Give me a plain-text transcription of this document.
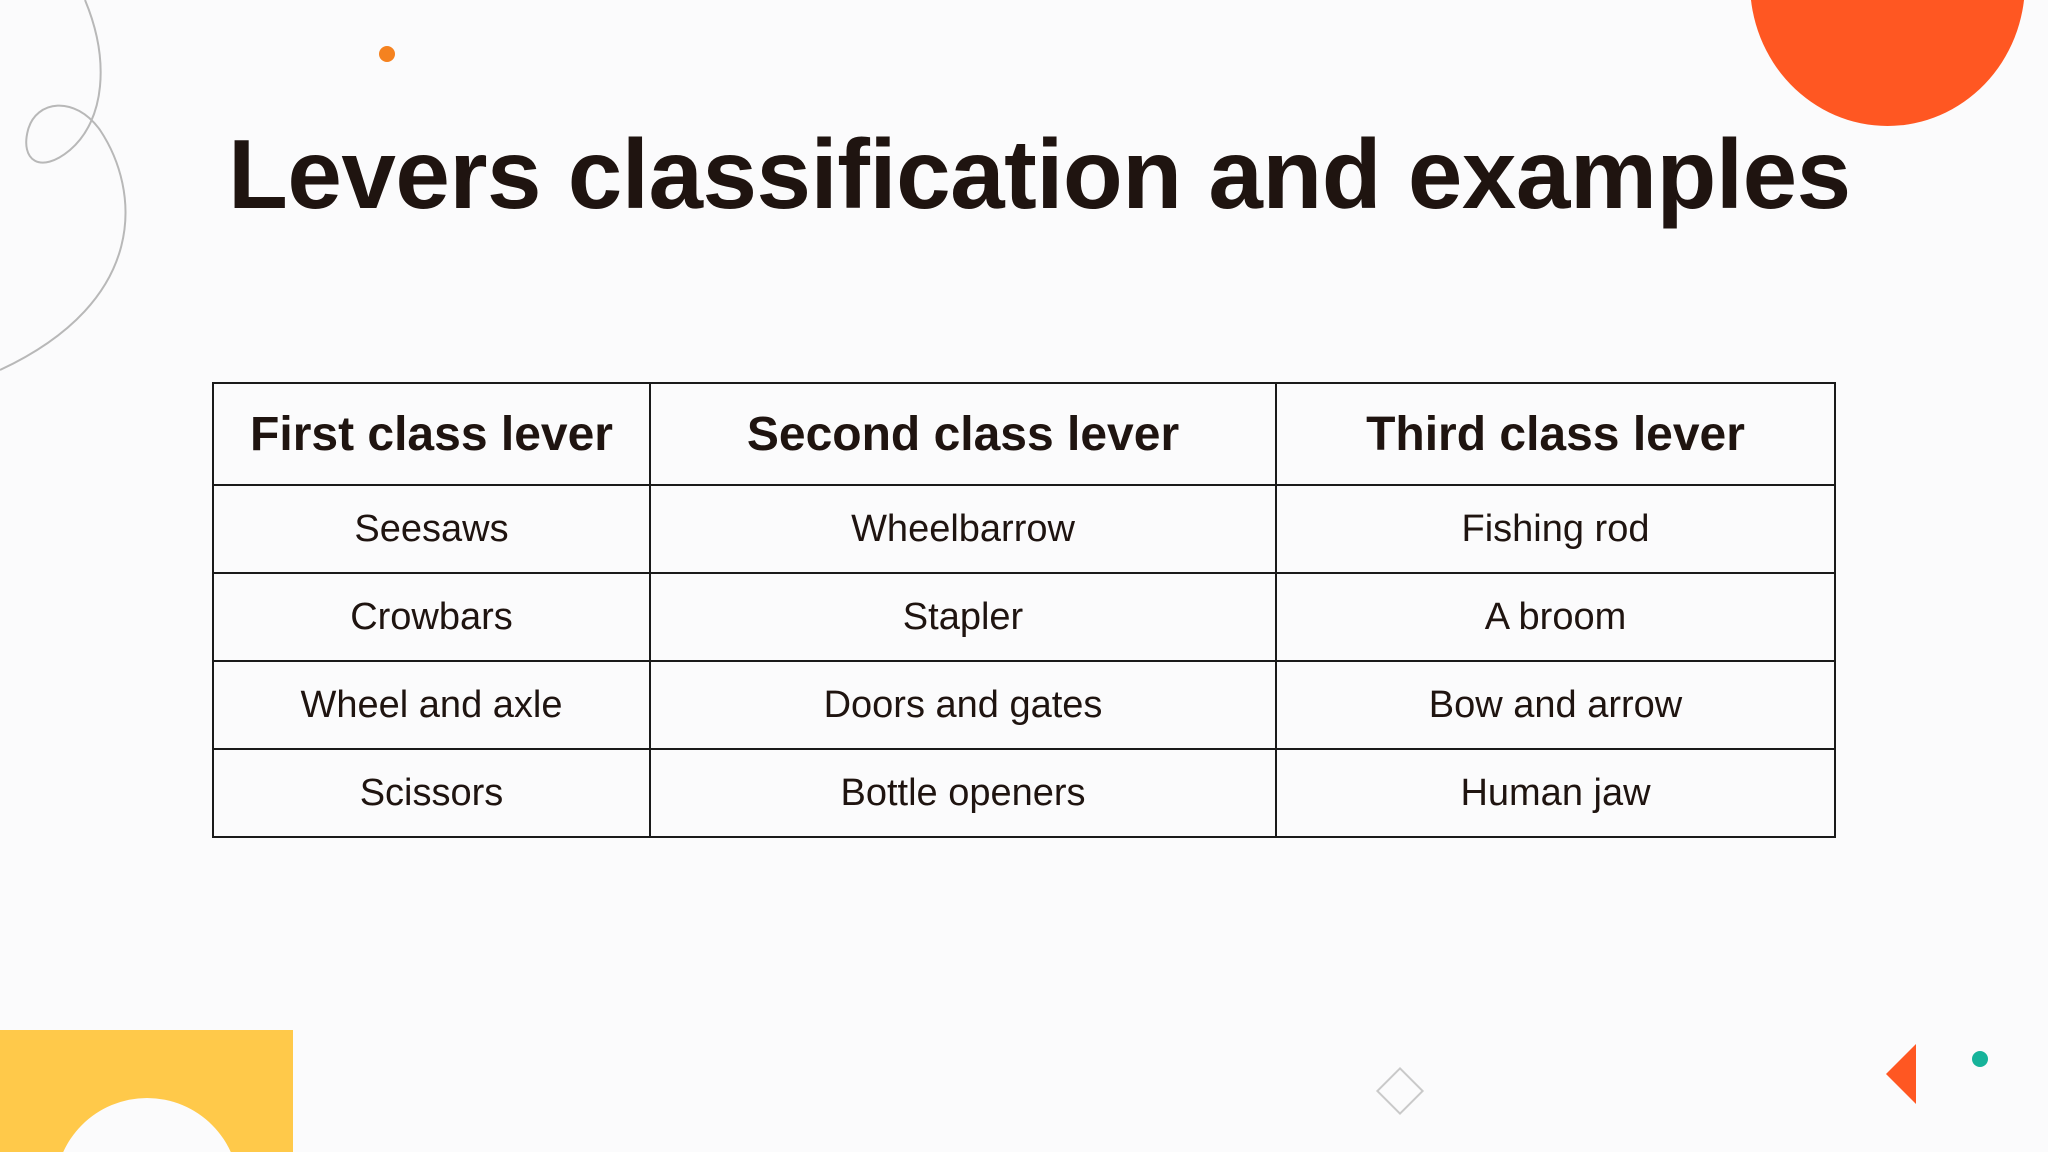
Levers classification and examples
First class lever	Second class lever	Third class lever
Seesaws	Wheelbarrow	Fishing rod
Crowbars	Stapler	A broom
Wheel and axle	Doors and gates	Bow and arrow
Scissors	Bottle openers	Human jaw
